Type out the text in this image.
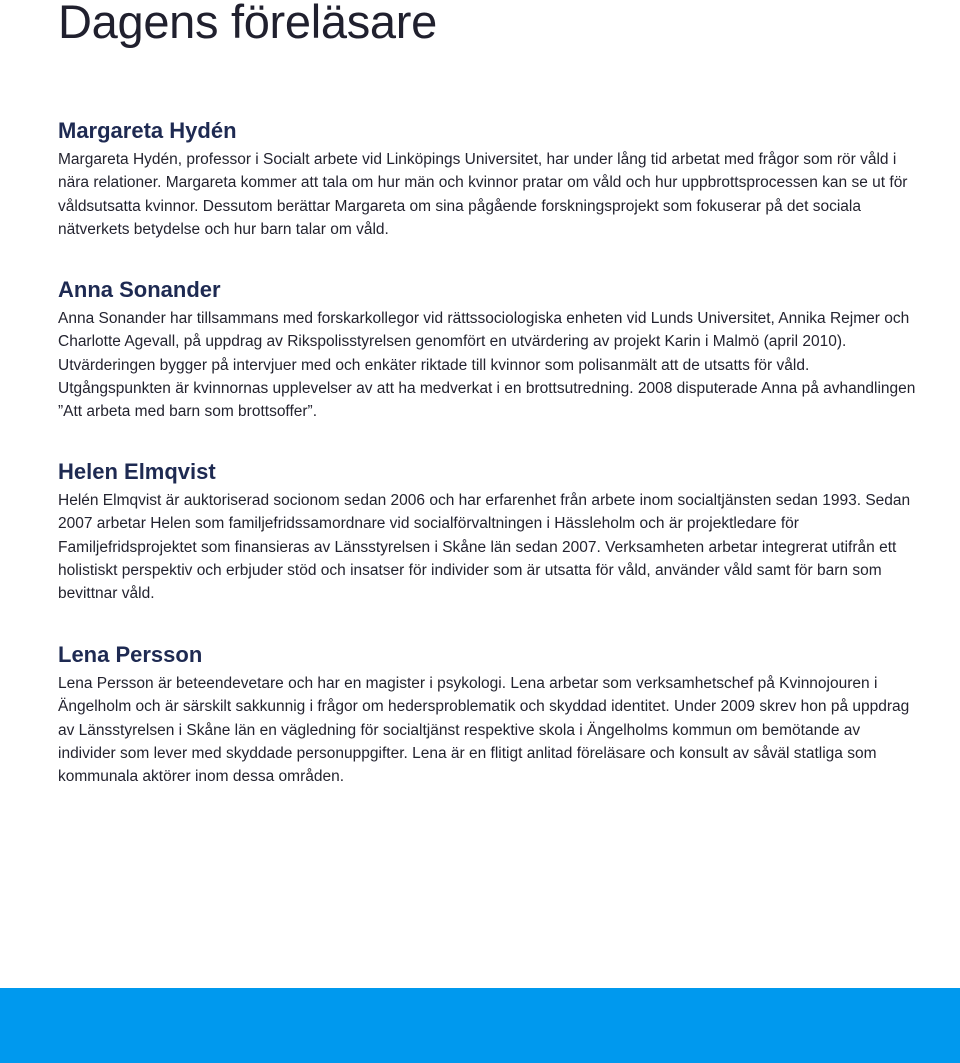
Dagens föreläsare
Margareta Hydén

Margareta Hydén, professor i Socialt arbete vid Linköpings Universitet, har under lång tid arbetat med frågor som rör våld i nära relationer. Margareta kommer att tala om hur män och kvinnor pratar om våld och hur uppbrottsprocessen kan se ut för våldsutsatta kvinnor. Dessutom berättar Margareta om sina pågående forskningsprojekt som fokuserar på det sociala nätverkets betydelse och hur barn talar om våld.

Anna Sonander

Anna Sonander har tillsammans med forskarkollegor vid rättssociologiska enheten vid Lunds Universitet, Annika Rejmer och Charlotte Agevall, på uppdrag av Rikspolisstyrelsen genomfört en utvärdering av projekt Karin i Malmö (april 2010). Utvärderingen bygger på intervjuer med och enkäter riktade till kvinnor som polisanmält att de utsatts för våld. Utgångspunkten är kvinnornas upplevelser av att ha medverkat i en brottsutredning. 2008 disputerade Anna på avhandlingen ”Att arbeta med barn som brottsoffer”.

Helen Elmqvist

Helén Elmqvist är auktoriserad socionom sedan 2006 och har erfarenhet från arbete inom socialtjänsten sedan 1993. Sedan 2007 arbetar Helen som familjefridssamordnare vid socialförvaltningen i Hässleholm och är projektledare för Familjefridsprojektet som finansieras av Länsstyrelsen i Skåne län sedan 2007. Verksamheten arbetar integrerat utifrån ett holistiskt perspektiv och erbjuder stöd och insatser för individer som är utsatta för våld, använder våld samt för barn som bevittnar våld.

Lena Persson

Lena Persson är beteendevetare och har en magister i psykologi. Lena arbetar som verksamhetschef på Kvinnojouren i Ängelholm och är särskilt sakkunnig i frågor om hedersproblematik och skyddad identitet. Under 2009 skrev hon på uppdrag av Länsstyrelsen i Skåne län en vägledning för socialtjänst respektive skola i Ängelholms kommun om bemötande av individer som lever med skyddade personuppgifter. Lena är en flitigt anlitad föreläsare och konsult av såväl statliga som kommunala aktörer inom dessa områden.
